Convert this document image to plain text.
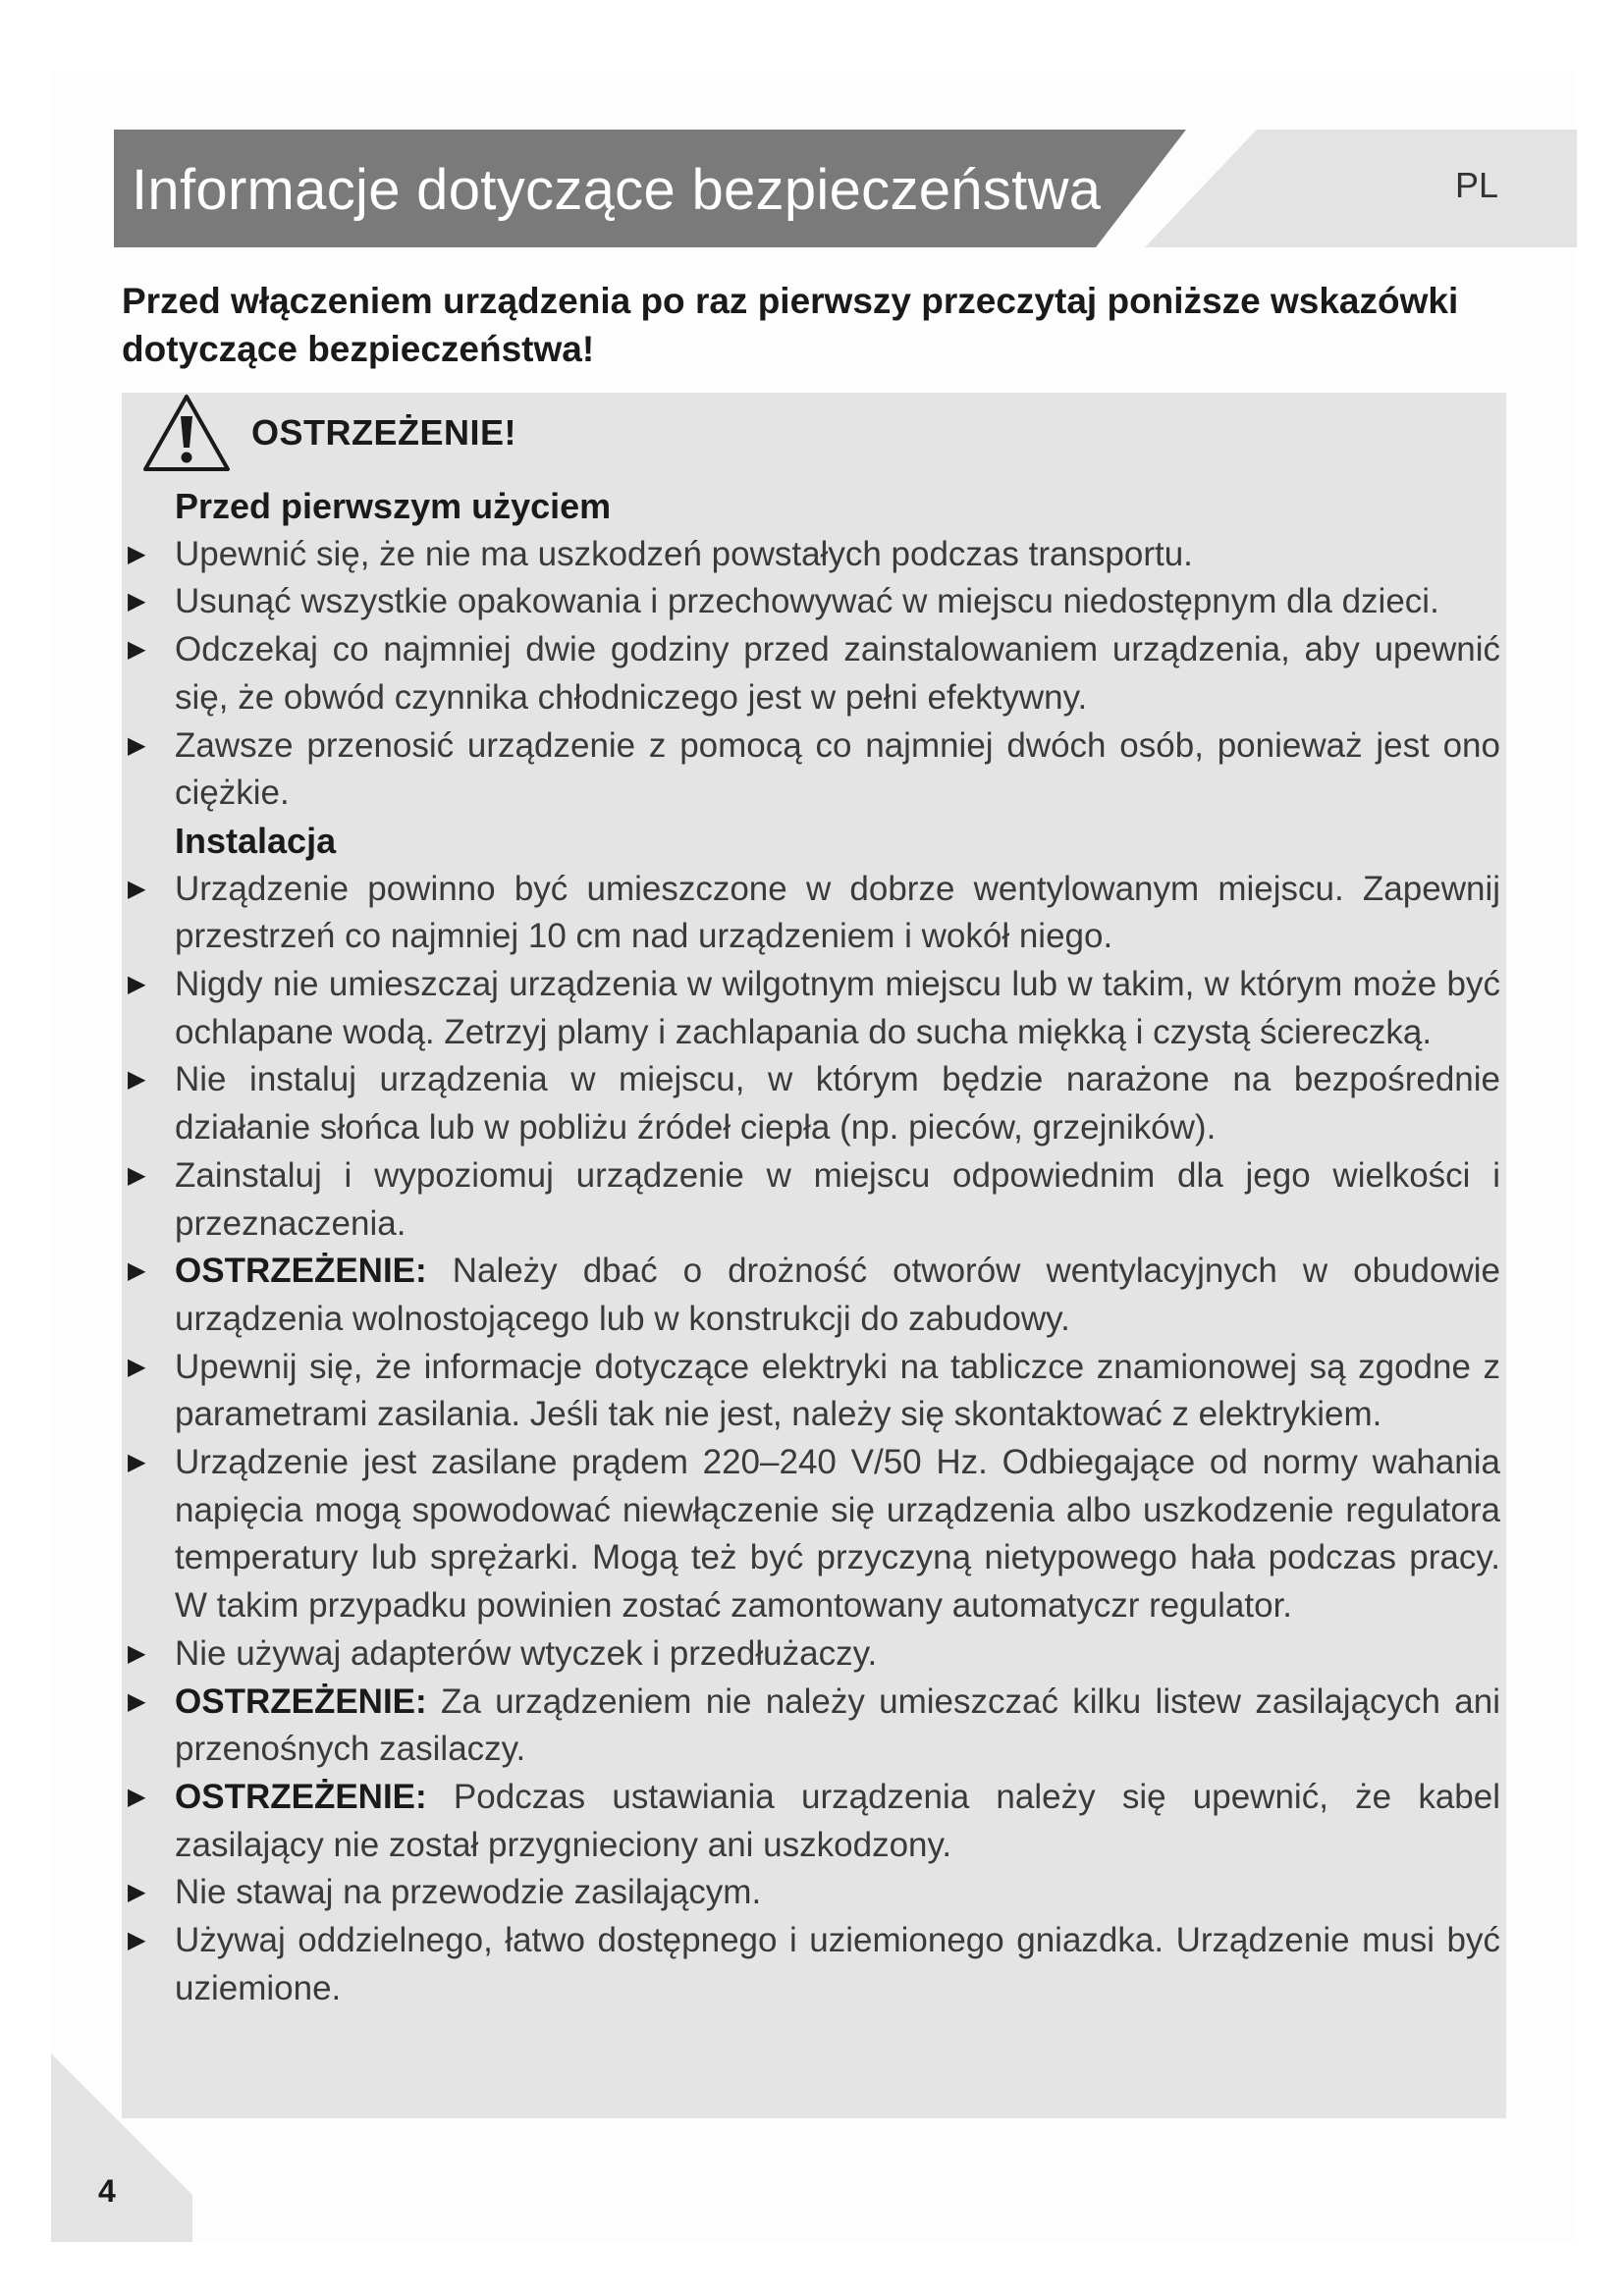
Informacje dotyczące bezpieczeństwa	PL
Przed włączeniem urządzenia po raz pierwszy przeczytaj poniższe wskazówki dotyczące bezpieczeństwa!
OSTRZEŻENIE!
Przed pierwszym użyciem
▶ Upewnić się, że nie ma uszkodzeń powstałych podczas transportu.
▶ Usunąć wszystkie opakowania i przechowywać w miejscu niedostępnym dla dzieci.
▶ Odczekaj co najmniej dwie godziny przed zainstalowaniem urządzenia, aby upewnić się, że obwód czynnika chłodniczego jest w pełni efektywny.
▶ Zawsze przenosić urządzenie z pomocą co najmniej dwóch osób, ponieważ jest ono ciężkie.
Instalacja
▶ Urządzenie powinno być umieszczone w dobrze wentylowanym miejscu. Zapewnij przestrzeń co najmniej 10 cm nad urządzeniem i wokół niego.
▶ Nigdy nie umieszczaj urządzenia w wilgotnym miejscu lub w takim, w którym może być ochlapane wodą. Zetrzyj plamy i zachlapania do sucha miękką i czystą ściereczką.
▶ Nie instaluj urządzenia w miejscu, w którym będzie narażone na bezpośrednie działanie słońca lub w pobliżu źródeł ciepła (np. pieców, grzejników).
▶ Zainstaluj i wypoziomuj urządzenie w miejscu odpowiednim dla jego wielkości i przeznaczenia.
▶ OSTRZEŻENIE: Należy dbać o drożność otworów wentylacyjnych w obudowie urządzenia wolnostojącego lub w konstrukcji do zabudowy.
▶ Upewnij się, że informacje dotyczące elektryki na tabliczce znamionowej są zgodne z parametrami zasilania. Jeśli tak nie jest, należy się skontaktować z elektrykiem.
▶ Urządzenie jest zasilane prądem 220–240 V/50 Hz. Odbiegające od normy wahania napięcia mogą spowodować niewłączenie się urządzenia albo uszkodzenie regulatora temperatury lub sprężarki. Mogą też być przyczyną nietypowego hała podczas pracy. W takim przypadku powinien zostać zamontowany automatyczr regulator.
▶ Nie używaj adapterów wtyczek i przedłużaczy.
▶ OSTRZEŻENIE: Za urządzeniem nie należy umieszczać kilku listew zasilających ani przenośnych zasilaczy.
▶ OSTRZEŻENIE: Podczas ustawiania urządzenia należy się upewnić, że kabel zasilający nie został przygnieciony ani uszkodzony.
▶ Nie stawaj na przewodzie zasilającym.
▶ Używaj oddzielnego, łatwo dostępnego i uziemionego gniazdka. Urządzenie musi być uziemione.
4
